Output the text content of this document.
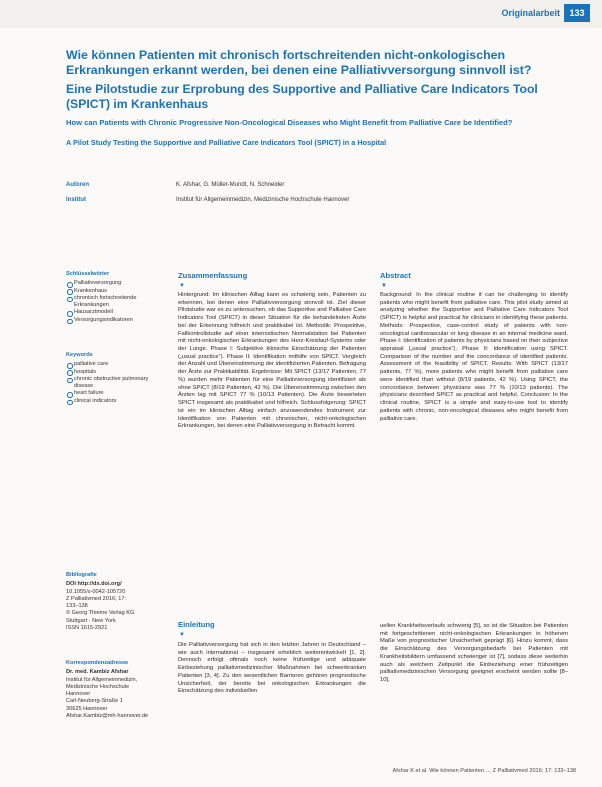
Originalarbeit	133
Wie können Patienten mit chronisch fortschreitenden nicht-onkologischen Erkrankungen erkannt werden, bei denen eine Palliativversorgung sinnvoll ist?
Eine Pilotstudie zur Erprobung des Supportive and Palliative Care Indicators Tool (SPICT) im Krankenhaus
How can Patients with Chronic Progressive Non-Oncological Diseases who Might Benefit from Palliative Care be Identified?
A Pilot Study Testing the Supportive and Palliative Care Indicators Tool (SPICT) in a Hospital
Autoren	K. Afshar, G. Müller-Mundt, N. Schneider
Institut	Institut für Allgemeinmedizin, Medizinische Hochschule Hannover
Schlüsselwörter
Palliativversorgung
Krankenhaus
chronisch fortschreitende Erkrankungen
Hausarztmodell
Versorgungsindikatoren
Keywords
palliative care
hospitals
chronic obstructive pulmonary disease
heart failure
clinical indicators
Bibliografie
DOI http://dx.doi.org/
10.1055/s-0042-105720
Z Palliativmed 2016; 17:
133–138
© Georg Thieme Verlag KG
Stuttgart · New York
ISSN 1615-2921
Korrespondenzadresse
Dr. med. Kambiz Afshar
Institut für Allgemeinmedizin,
Medizinische Hochschule
Hannover
Carl-Neuberg-Straße 1
30625 Hannover
Afshar.Kambiz@mh-hannover.de
Zusammenfassung
▼

Hintergrund: Im klinischen Alltag kann es schwierig sein, Patienten zu erkennen, bei denen eine Palliativversorgung sinnvoll ist. Ziel dieser Pilotstudie war es zu untersuchen, ob das Supportive and Palliative Care Indicators Tool (SPICT) in dieser Situation für die behandelnden Ärzte bei der Erkennung hilfreich und praktikabel ist. Methodik: Prospektive, Fallkontrollstudie auf einer internistischen Normalstation bei Patienten mit nicht-onkologischen Erkrankungen des Herz-Kreislauf-Systems oder der Lunge. Phase I: Subjektive klinische Einschätzung der Patienten („usual practice“). Phase II: Identifikation mithilfe von SPICT. Vergleich der Anzahl und Übereinstimmung der identifizierten Patienten. Befragung der Ärzte zur Praktikabilität. Ergebnisse: Mit SPICT (13/17 Patienten, 77 %) wurden mehr Patienten für eine Palliativversorgung identifiziert als ohne SPICT (8/19 Patienten, 42 %). Die Übereinstimmung zwischen den Ärzten lag mit SPICT 77 % (10/13 Patienten). Die Ärzte bewerteten SPICT insgesamt als praktikabel und hilfreich. Schlussfolgerung: SPICT ist ein im klinischen Alltag einfach anzuwendendes Instrument zur Identifikation von Patienten mit chronischen, nicht-onkologischen Erkrankungen, bei denen eine Palliativversorgung in Betracht kommt.

Abstract
▼

Background: In the clinical routine it can be challenging to identify patients who might benefit from palliative care. This pilot study aimed at analyzing whether the Supportive and Palliative Care Indicators Tool (SPICT) is helpful and practical for clinicians in identifying these patients. Methods: Prospective, case-control study of patients with non-oncological cardiovascular or lung disease in an internal medicine ward. Phase I: Identification of patients by physicians based on their subjective appraisal („usual practice“). Phase II: Identification using SPICT. Comparison of the number and the concordance of identified patients. Assessment of the feasibility of SPICT. Results: With SPICT (13/17 patients, 77 %), more patients who might benefit from palliative care were identified than without (8/19 patients, 42 %). Using SPICT, the concordance between physicians was 77 % (10/13 patients). The physicians described SPICT as practical and helpful. Conclusion: In the clinical routine, SPICT is a simple and easy-to-use tool to identify patients with chronic, non-oncological diseases who might benefit from palliative care.

Einleitung
▼

Die Palliativversorgung hat sich in den letzten Jahren in Deutschland – wie auch international – insgesamt erheblich weiterentwickelt [1, 2]. Dennoch erfolgt oftmals noch keine frühzeitige und adäquate Einbeziehung palliativmedizinischer Maßnahmen bei schwerkranken Patienten [3, 4]. Zu den wesentlichen Barrieren gehören prognostische Unsicherheit, der bereits bei onkologischen Erkrankungen die Einschätzung des individuellen

uellen Krankheitsverlaufs schwierig [5], so ist die Situation bei Patienten mit fortgeschrittenen nicht-onkologischen Erkrankungen in höherem Maße von prognostischer Unsicherheit geprägt [6]. Hinzu kommt, dass die Einschätzung des Versorgungsbedarfs bei Patienten mit Krankheitsbildern umfassend schwieriger ist [7], sodass diese weiterhin auch als welchem Zeitpunkt die Einbeziehung einer frühzeitigen palliativmedizinischen Versorgung geeignet erscheint werden sollte [8–10].

Afshar K et al. Wie können Patienten … Z Palliativmed 2016; 17: 133–138
